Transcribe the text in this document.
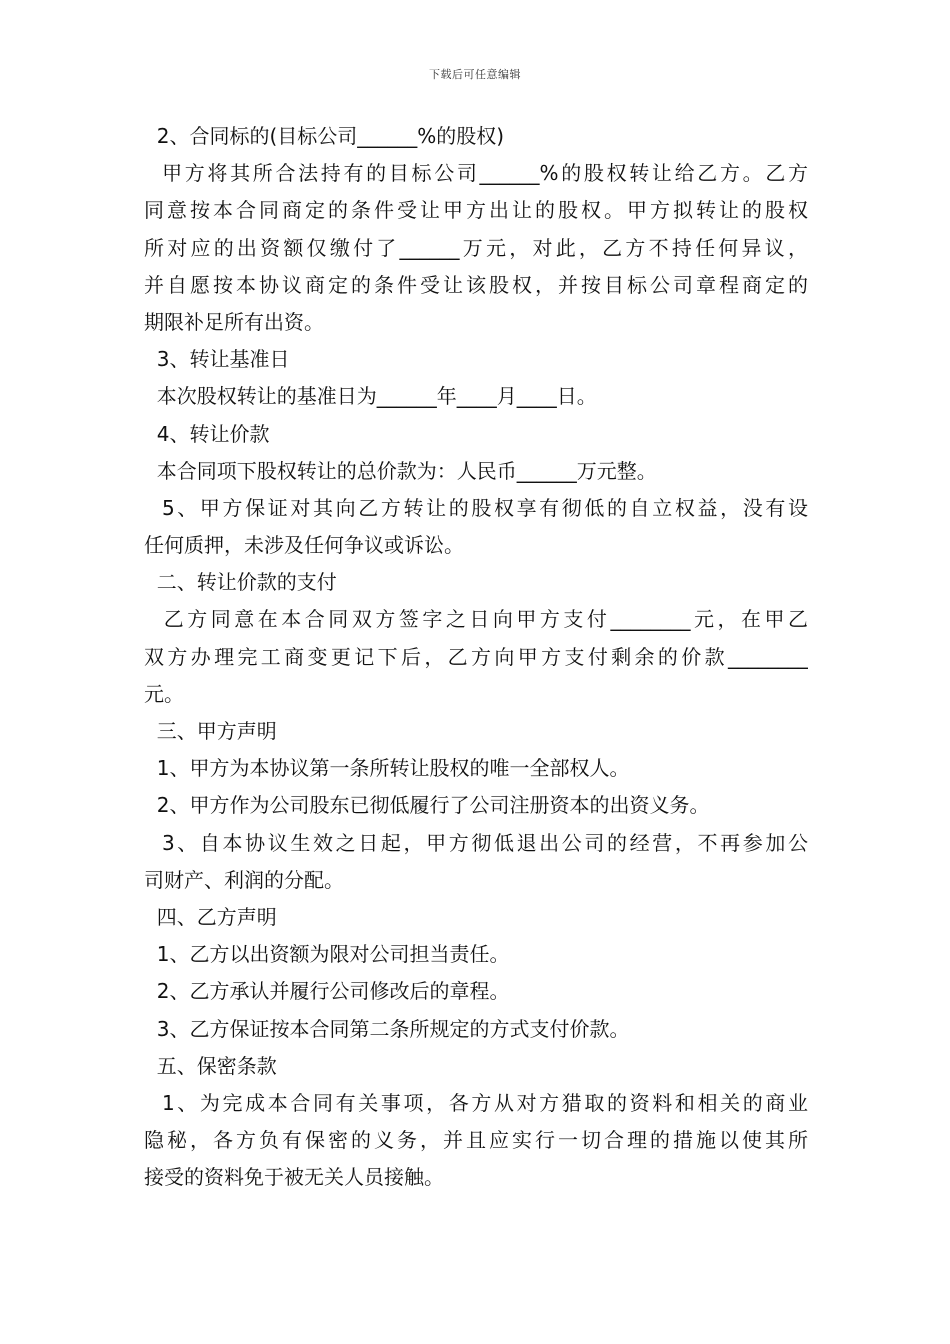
下载后可任意编辑
2、合同标的(目标公司______%的股权)
甲方将其所合法持有的目标公司______%的股权转让给乙方。乙方
同意按本合同商定的条件受让甲方出让的股权。甲方拟转让的股权
所对应的出资额仅缴付了______万元，对此，乙方不持任何异议，
并自愿按本协议商定的条件受让该股权，并按目标公司章程商定的
期限补足所有出资。
3、转让基准日
本次股权转让的基准日为______年____月____日。
4、转让价款
本合同项下股权转让的总价款为：人民币______万元整。
5、甲方保证对其向乙方转让的股权享有彻低的自立权益，没有设
任何质押，未涉及任何争议或诉讼。
二、转让价款的支付
乙方同意在本合同双方签字之日向甲方支付________元，在甲乙
双方办理完工商变更记下后，乙方向甲方支付剩余的价款________
元。
三、甲方声明
1、甲方为本协议第一条所转让股权的唯一全部权人。
2、甲方作为公司股东已彻低履行了公司注册资本的出资义务。
3、自本协议生效之日起，甲方彻低退出公司的经营，不再参加公
司财产、利润的分配。
四、乙方声明
1、乙方以出资额为限对公司担当责任。
2、乙方承认并履行公司修改后的章程。
3、乙方保证按本合同第二条所规定的方式支付价款。
五、保密条款
1、为完成本合同有关事项，各方从对方猎取的资料和相关的商业
隐秘，各方负有保密的义务，并且应实行一切合理的措施以使其所
接受的资料免于被无关人员接触。
